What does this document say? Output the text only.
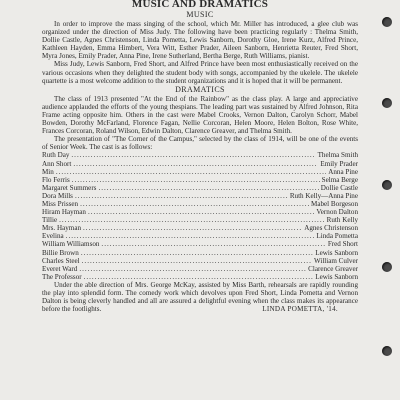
MUSIC AND DRAMATICS
MUSIC

In order to improve the mass singing of the school, which Mr. Miller has introduced, a glee club was organized under the direction of Miss Judy. The following have been practicing regularly : Thelma Smith, Dollie Castle, Agnes Christenson, Linda Pometta, Lewis Sanborn, Dorothy Gloe, Irene Kurz, Alfred Prince, Kathleen Hayden, Emma Himbert, Vera Witt, Esther Prader, Aileen Sanborn, Henrietta Reuter, Fred Short, Myra Jones, Emily Prader, Anna Pine, Irene Sutherland, Bertha Berge, Ruth Williams, pianist.

Miss Judy, Lewis Sanborn, Fred Short, and Alfred Prince have been most enthusiastically received on the various occasions when they delighted the student body with songs, accompanied by the ukelele. The ukelele quartette is a most welcome addition to the student organizations and it is hoped that it will be permanent.

DRAMATICS

The class of 1913 presented "At the End of the Rainbow" as the class play. A large and appreciative audience applauded the efforts of the young thespians. The leading part was sustained by Alfred Johnson, Rita Frame acting opposite him. Others in the cast were Mabel Crooks, Vernon Dalton, Carolyn Schorr, Mabel Bowden, Dorothy McFarland, Florence Fagan, Nellie Corcoran, Helen Moore, Helen Bolton, Rose White, Frances Corcoran, Roland Wilson, Edwin Dalton, Clarence Greaver, and Thelma Smith.

The presentation of "The Corner of the Campus," selected by the class of 1914, will be one of the events of Senior Week. The cast is as follows:

Ruth Day .....	Thelma Smith
Ann Short .....	Emily Prader
Min .....	Anna Pine
Flo Ferris .....	Selma Berge
Margaret Summers .....	Dollie Castle
Dora Mills .....	Ruth Kelly—Anna Pine
Miss Prissen .....	Mabel Borgeson
Hiram Hayman .....	Vernon Dalton
Tillie .....	Ruth Kelly
Mrs. Hayman .....	Agnes Christenson
Evelina .....	Linda Pometta
William Williamson .....	Fred Short
Billie Brown .....	Lewis Sanborn
Charles Steel .....	William Culver
Everet Ward .....	Clarence Greaver
The Professor .....	Lewis Sanborn

Under the able direction of Mrs. George McKay, assisted by Miss Barth, rehearsals are rapidly rounding the play into splendid form. The comedy work which devolves upon Fred Short, Linda Pometta and Vernon Dalton is being cleverly handled and all are assured a delightful evening when the class makes its appearance before the footlights.	LINDA POMETTA, '14.
